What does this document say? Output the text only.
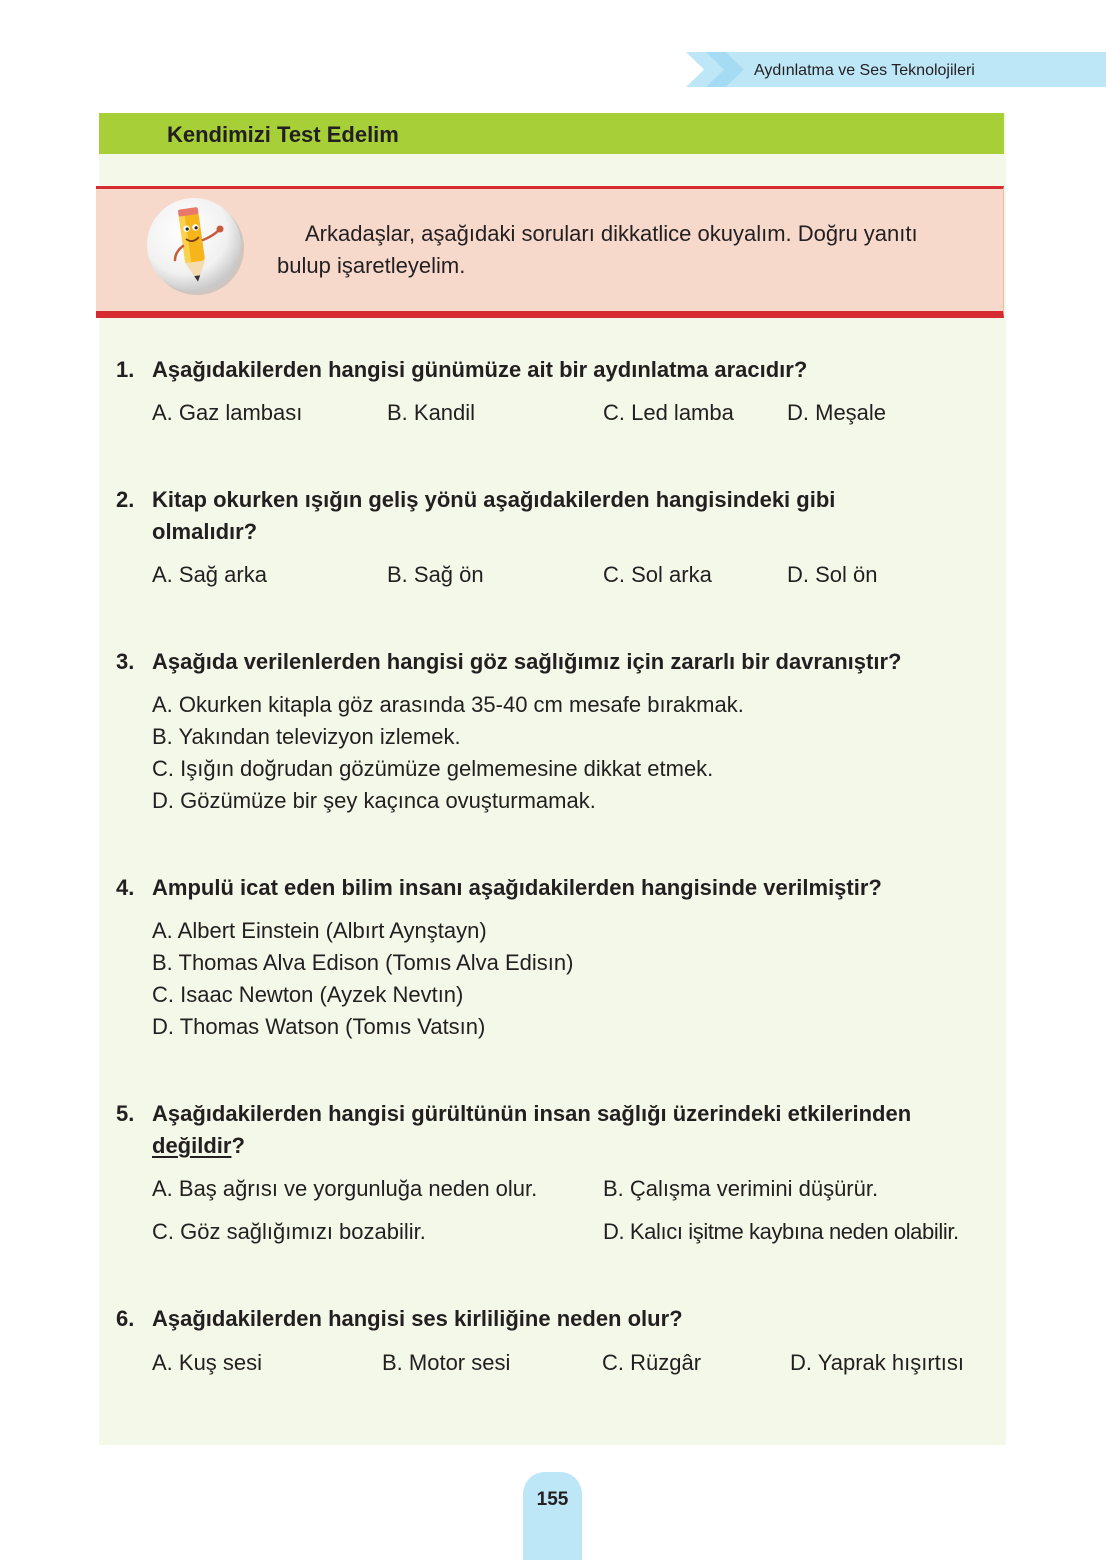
Aydınlatma ve Ses Teknolojileri
Kendimizi Test Edelim
Arkadaşlar, aşağıdaki soruları dikkatlice okuyalım. Doğru yanıtı
bulup işaretleyelim.
1. Aşağıdakilerden hangisi günümüze ait bir aydınlatma aracıdır?
A. Gaz lambası	B. Kandil	C. Led lamba D. Meşale
2. Kitap okurken ışığın geliş yönü aşağıdakilerden hangisindeki gibi
olmalıdır?
A. Sağ arka	B. Sağ ön	C. Sol arka	D. Sol ön
3. Aşağıda verilenlerden hangisi göz sağlığımız için zararlı bir davranıştır?
A. Okurken kitapla göz arasında 35-40 cm mesafe bırakmak.
B. Yakından televizyon izlemek.
C. Işığın doğrudan gözümüze gelmemesine dikkat etmek.
D. Gözümüze bir şey kaçınca ovuşturmamak.
4. Ampulü icat eden bilim insanı aşağıdakilerden hangisinde verilmiştir?
A. Albert Einstein (Albırt Aynştayn)
B. Thomas Alva Edison (Tomıs Alva Edisın)
C. Isaac Newton (Ayzek Nevtın)
D. Thomas Watson (Tomıs Vatsın)
5. Aşağıdakilerden hangisi gürültünün insan sağlığı üzerindeki etkilerinden
değildir?
A. Baş ağrısı ve yorgunluğa neden olur.	B. Çalışma verimini düşürür.
C. Göz sağlığımızı bozabilir.	D. Kalıcı işitme kaybına neden olabilir.
6. Aşağıdakilerden hangisi ses kirliliğine neden olur?
A. Kuş sesi	B. Motor sesi	C. Rüzgâr	D. Yaprak hışırtısı
155
